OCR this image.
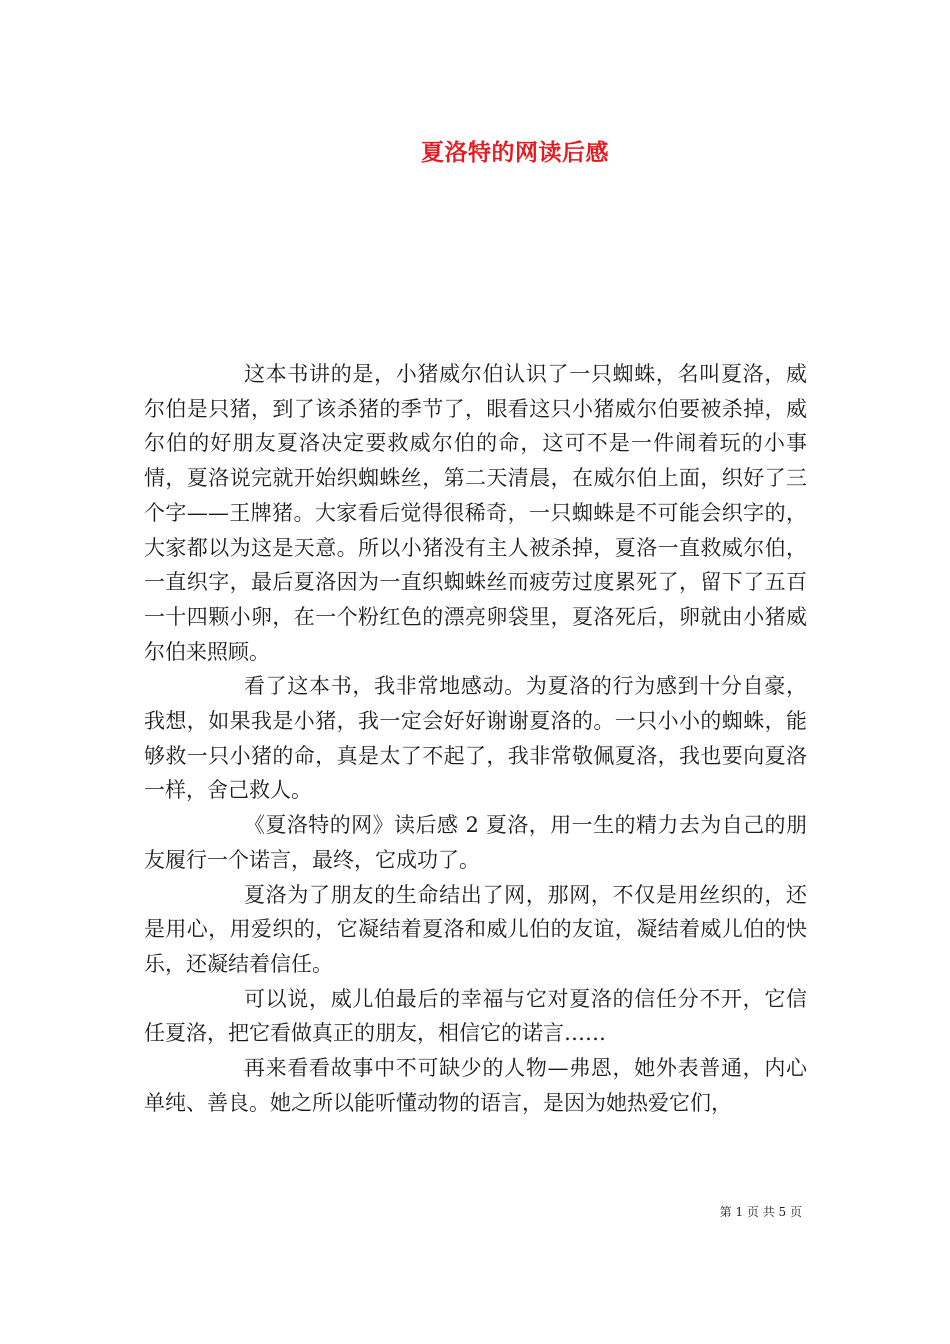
夏洛特的网读后感

这本书讲的是，小猪威尔伯认识了一只蜘蛛，名叫夏洛，威尔伯是只猪，到了该杀猪的季节了，眼看这只小猪威尔伯要被杀掉，威尔伯的好朋友夏洛决定要救威尔伯的命，这可不是一件闹着玩的小事情，夏洛说完就开始织蜘蛛丝，第二天清晨，在威尔伯上面，织好了三个字——王牌猪。大家看后觉得很稀奇，一只蜘蛛是不可能会织字的，大家都以为这是天意。所以小猪没有主人被杀掉，夏洛一直救威尔伯，一直织字，最后夏洛因为一直织蜘蛛丝而疲劳过度累死了，留下了五百一十四颗小卵，在一个粉红色的漂亮卵袋里，夏洛死后，卵就由小猪威尔伯来照顾。

看了这本书，我非常地感动。为夏洛的行为感到十分自豪，我想，如果我是小猪，我一定会好好谢谢夏洛的。一只小小的蜘蛛，能够救一只小猪的命，真是太了不起了，我非常敬佩夏洛，我也要向夏洛一样，舍己救人。

《夏洛特的网》读后感 2 夏洛，用一生的精力去为自己的朋友履行一个诺言，最终，它成功了。

夏洛为了朋友的生命结出了网，那网，不仅是用丝织的，还是用心，用爱织的，它凝结着夏洛和威儿伯的友谊，凝结着威儿伯的快乐，还凝结着信任。

可以说，威儿伯最后的幸福与它对夏洛的信任分不开，它信任夏洛，把它看做真正的朋友，相信它的诺言……

再来看看故事中不可缺少的人物—弗恩，她外表普通，内心单纯、善良。她之所以能听懂动物的语言，是因为她热爱它们，

第 1 页 共 5 页
